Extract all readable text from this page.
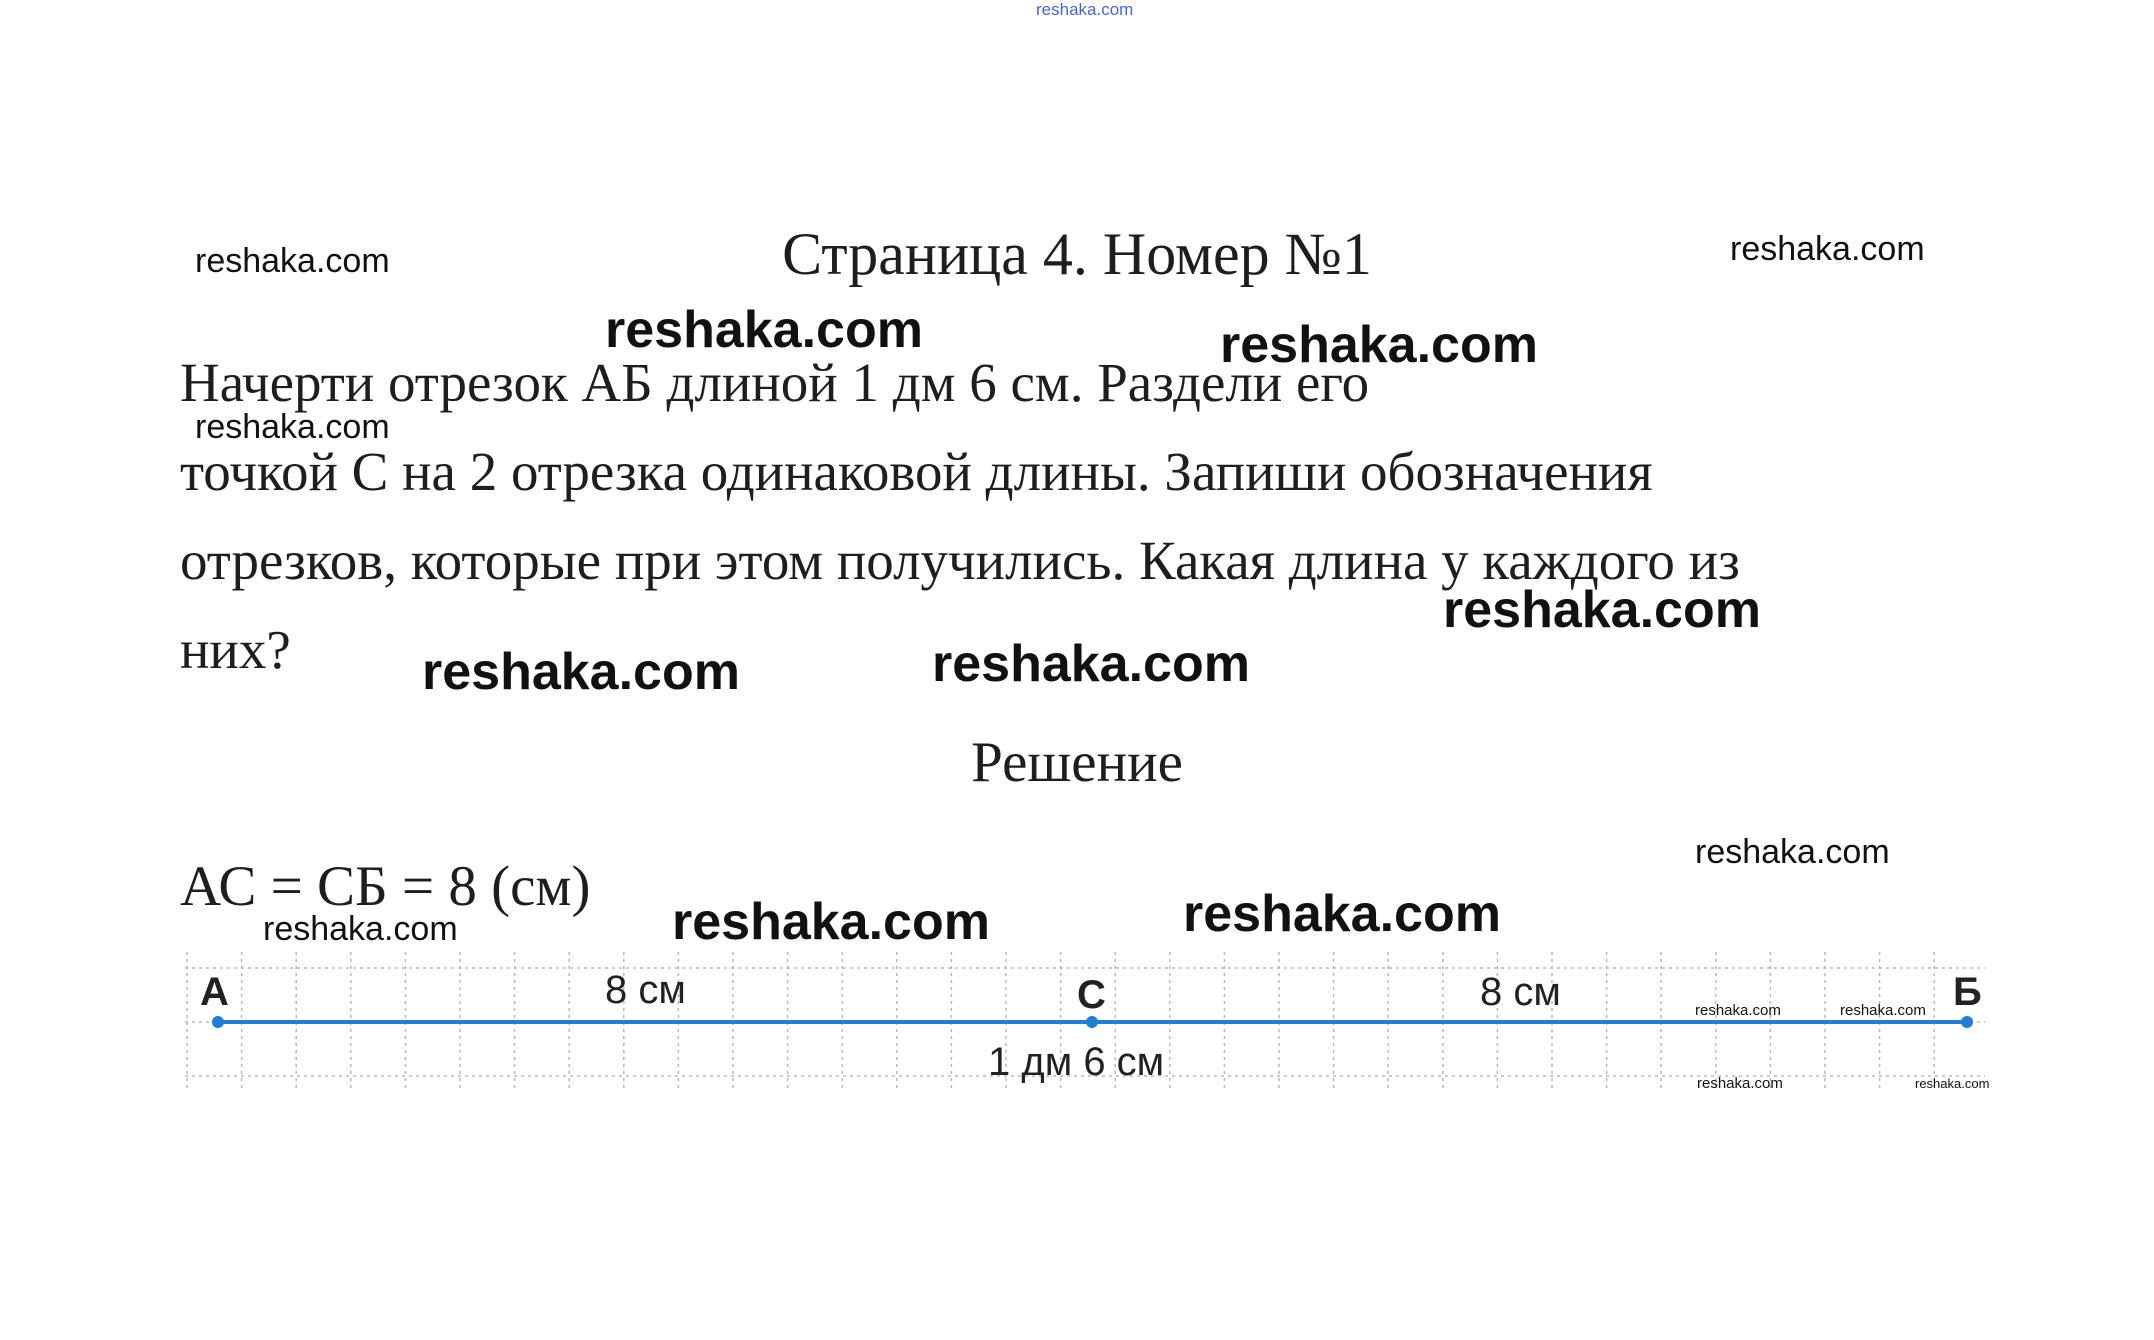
reshaka.com
Страница 4. Номер №1
Начерти отрезок АБ длиной 1 дм 6 см. Раздели его
точкой С на 2 отрезка одинаковой длины. Запиши обозначения
отрезков, которые при этом получились. Какая длина у каждого из
них?
Решение
АС = СБ = 8 (см)
А	С	Б
8 см	8 см
1 дм 6 см
reshaka.com	reshaka.com
reshaka.com	reshaka.com
reshaka.com
reshaka.com
reshaka.com	reshaka.com
reshaka.com
reshaka.com	reshaka.com	reshaka.com
reshaka.com	reshaka.com
reshaka.com	reshaka.com
